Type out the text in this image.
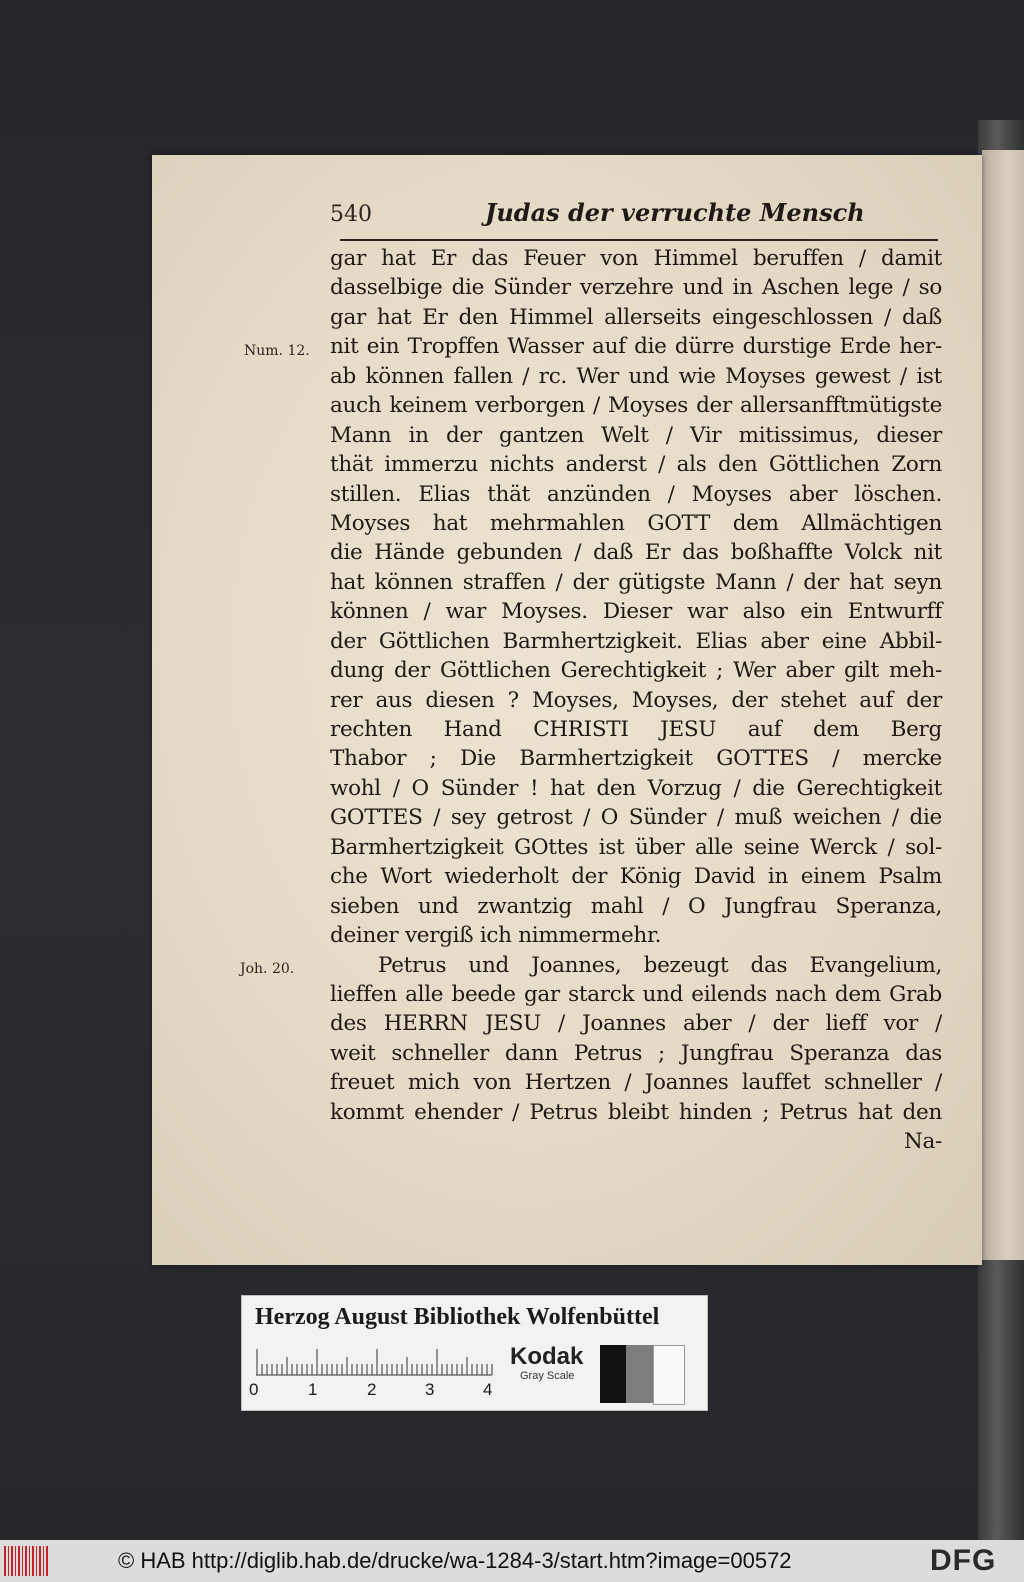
540	Judas der verruchte Mensch
Num. 12.
Joh. 20.
gar hat Er das Feuer von Himmel beruffen / damit
dasselbige die Sünder verzehre und in Aschen lege / so
gar hat Er den Himmel allerseits eingeschlossen / daß
nit ein Tropffen Wasser auf die dürre durstige Erde her-
ab können fallen / rc. Wer und wie Moyses gewest / ist
auch keinem verborgen / Moyses der allersanfftmütigste
Mann in der gantzen Welt / Vir mitissimus, dieser
thät immerzu nichts anderst / als den Göttlichen Zorn
stillen. Elias thät anzünden / Moyses aber löschen.
Moyses hat mehrmahlen GOTT dem Allmächtigen
die Hände gebunden / daß Er das boßhaffte Volck nit
hat können straffen / der gütigste Mann / der hat seyn
können / war Moyses. Dieser war also ein Entwurff
der Göttlichen Barmhertzigkeit. Elias aber eine Abbil-
dung der Göttlichen Gerechtigkeit ; Wer aber gilt meh-
rer aus diesen ? Moyses, Moyses, der stehet auf der
rechten Hand CHRISTI JESU auf dem Berg
Thabor ; Die Barmhertzigkeit GOTTES / mercke
wohl / O Sünder ! hat den Vorzug / die Gerechtigkeit
GOTTES / sey getrost / O Sünder / muß weichen / die
Barmhertzigkeit GOttes ist über alle seine Werck / sol-
che Wort wiederholt der König David in einem Psalm
sieben und zwantzig mahl / O Jungfrau Speranza,
deiner vergiß ich nimmermehr.
Petrus und Joannes, bezeugt das Evangelium,
lieffen alle beede gar starck und eilends nach dem Grab
des HERRN JESU / Joannes aber / der lieff vor /
weit schneller dann Petrus ; Jungfrau Speranza das
freuet mich von Hertzen / Joannes lauffet schneller /
kommt ehender / Petrus bleibt hinden ; Petrus hat den
Na-
Herzog August Bibliothek Wolfenbüttel
0	1	2	3	4
Kodak
Gray Scale
© HAB http://diglib.hab.de/drucke/wa-1284-3/start.htm?image=00572	DFG
